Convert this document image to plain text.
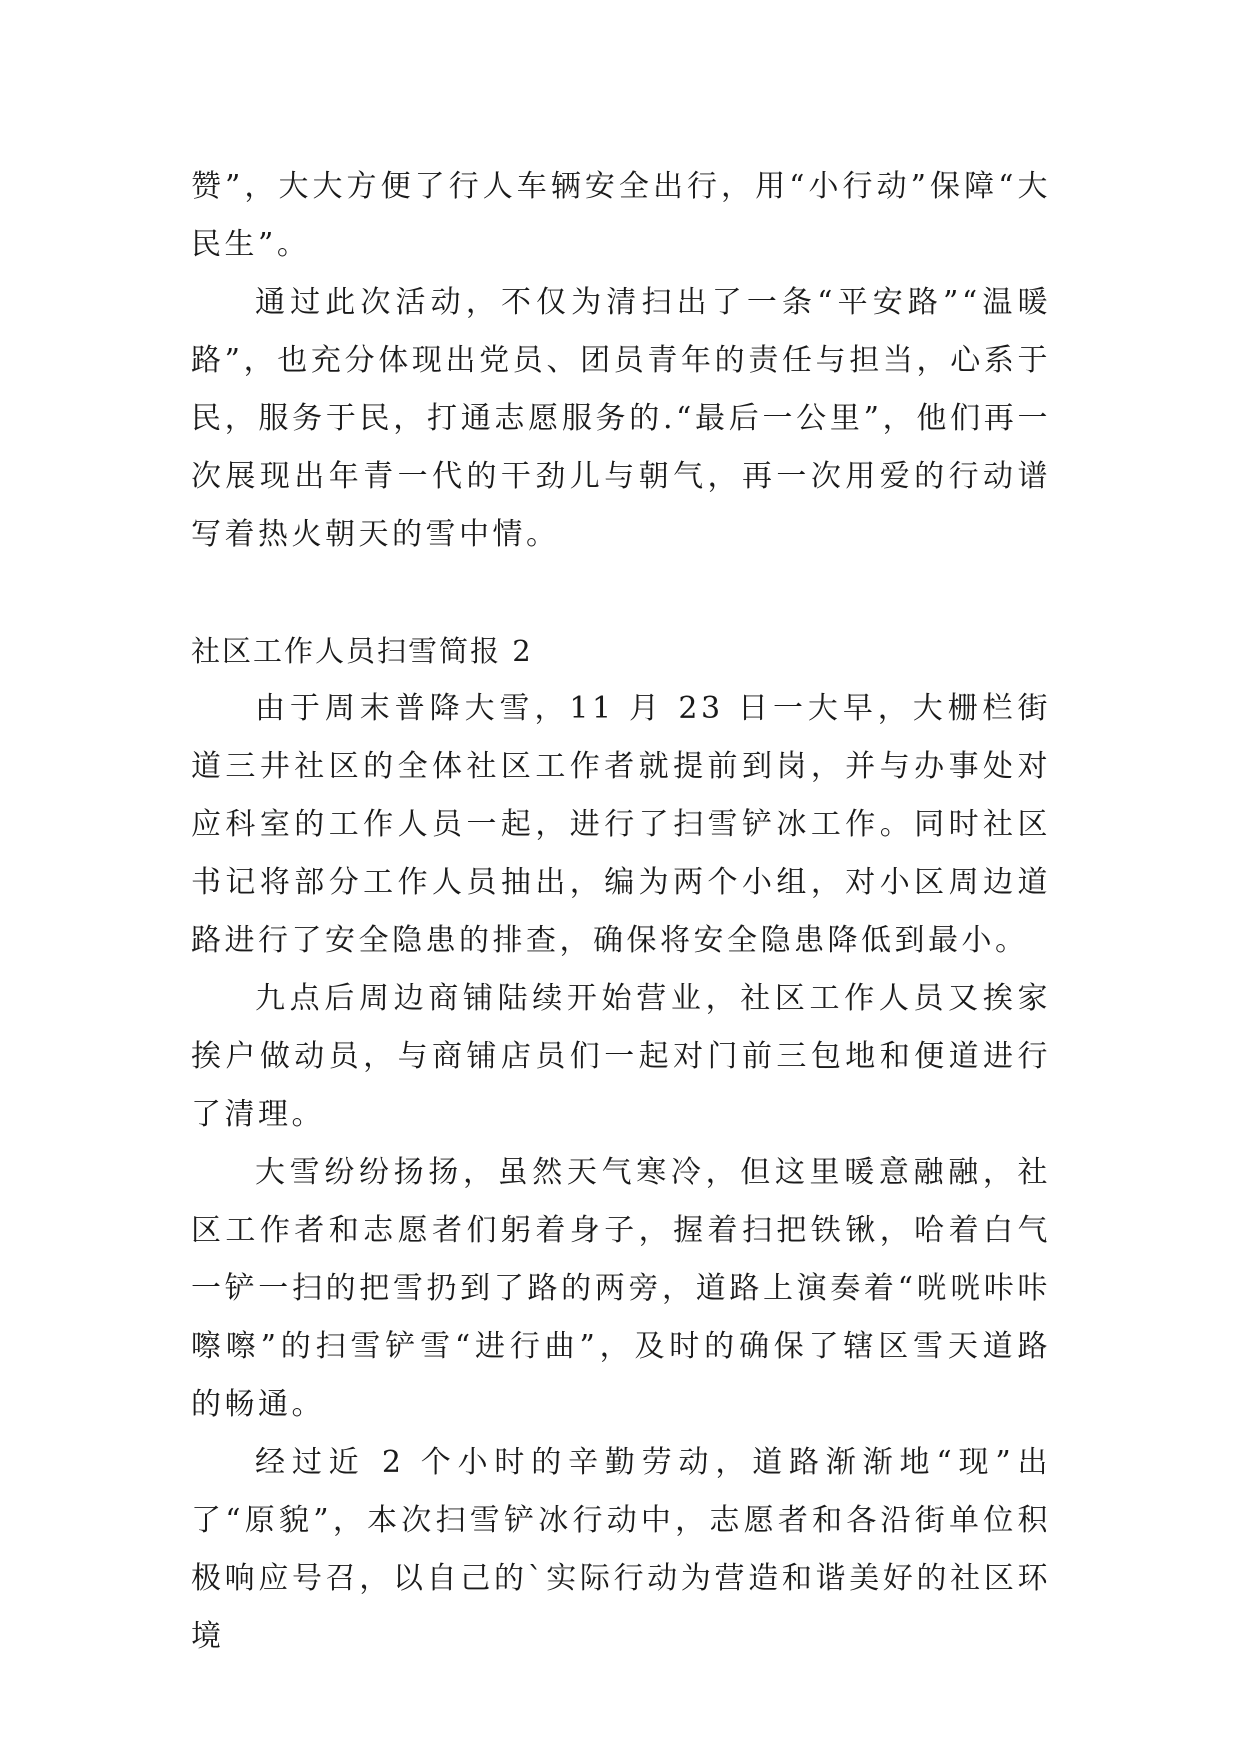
赞”，大大方便了行人车辆安全出行，用“小行动”保障“大民生”。

通过此次活动，不仅为清扫出了一条“平安路”“温暖路”，也充分体现出党员、团员青年的责任与担当，心系于民，服务于民，打通志愿服务的.“最后一公里”，他们再一次展现出年青一代的干劲儿与朝气，再一次用爱的行动谱写着热火朝天的雪中情。

社区工作人员扫雪简报 2

由于周末普降大雪，11 月 23 日一大早，大栅栏街道三井社区的全体社区工作者就提前到岗，并与办事处对应科室的工作人员一起，进行了扫雪铲冰工作。同时社区书记将部分工作人员抽出，编为两个小组，对小区周边道路进行了安全隐患的排查，确保将安全隐患降低到最小。

九点后周边商铺陆续开始营业，社区工作人员又挨家挨户做动员，与商铺店员们一起对门前三包地和便道进行了清理。

大雪纷纷扬扬，虽然天气寒冷，但这里暖意融融，社区工作者和志愿者们躬着身子，握着扫把铁锹，哈着白气一铲一扫的把雪扔到了路的两旁，道路上演奏着“咣咣咔咔嚓嚓”的扫雪铲雪“进行曲”，及时的确保了辖区雪天道路的畅通。

经过近 2 个小时的辛勤劳动，道路渐渐地“现”出了“原貌”，本次扫雪铲冰行动中，志愿者和各沿街单位积极响应号召，以自己的`实际行动为营造和谐美好的社区环境
